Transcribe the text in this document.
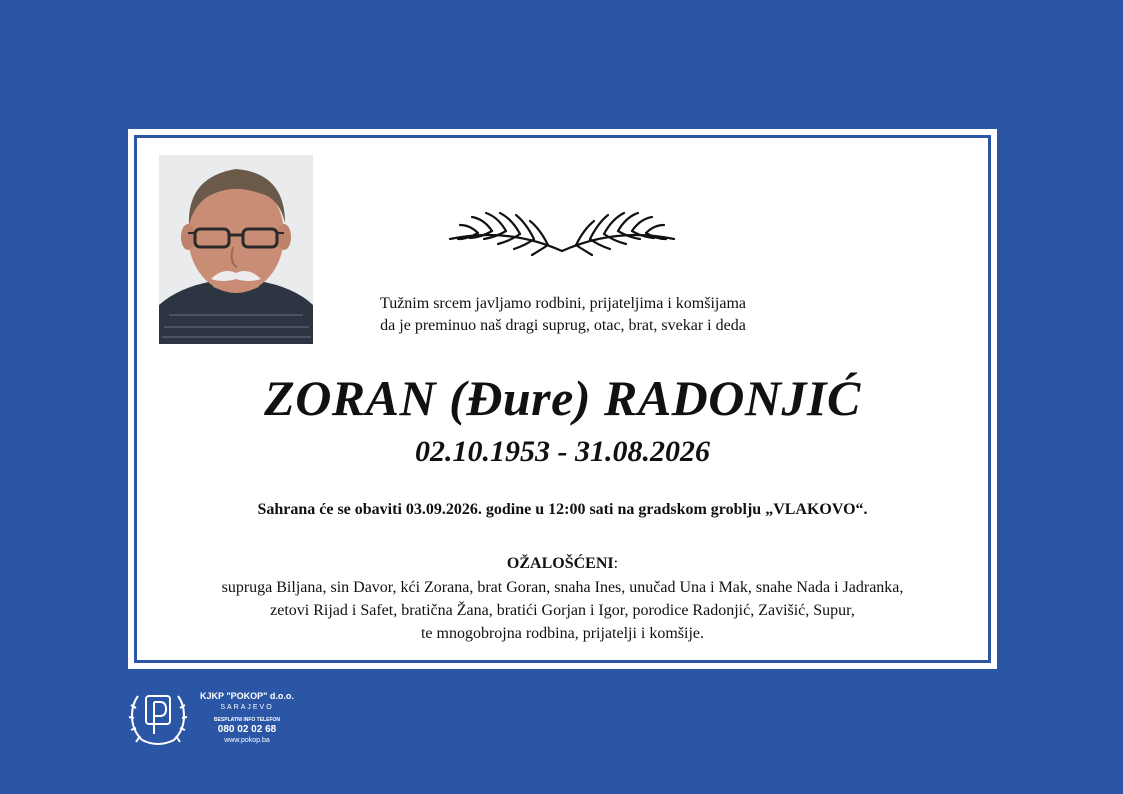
Tužnim srcem javljamo rodbini, prijateljima i komšijama
da je preminuo naš dragi suprug, otac, brat, svekar i deda
ZORAN (Đure) RADONJIĆ
02.10.1953 - 31.08.2026
Sahrana će se obaviti 03.09.2026. godine u 12:00 sati na gradskom groblju „VLAKOVO“.
OŽALOŠĆENI:
supruga Biljana, sin Davor, kći Zorana, brat Goran, snaha Ines, unučad Una i Mak, snahe Nada i Jadranka,
zetovi Rijad i Safet, bratična Žana, bratići Gorjan i Igor, porodice Radonjić, Zavišić, Supur,
te mnogobrojna rodbina, prijatelji i komšije.
KJKP "POKOP" d.o.o.
SARAJEVO
BESPLATNI INFO TELEFON
080 02 02 68
www.pokop.ba
